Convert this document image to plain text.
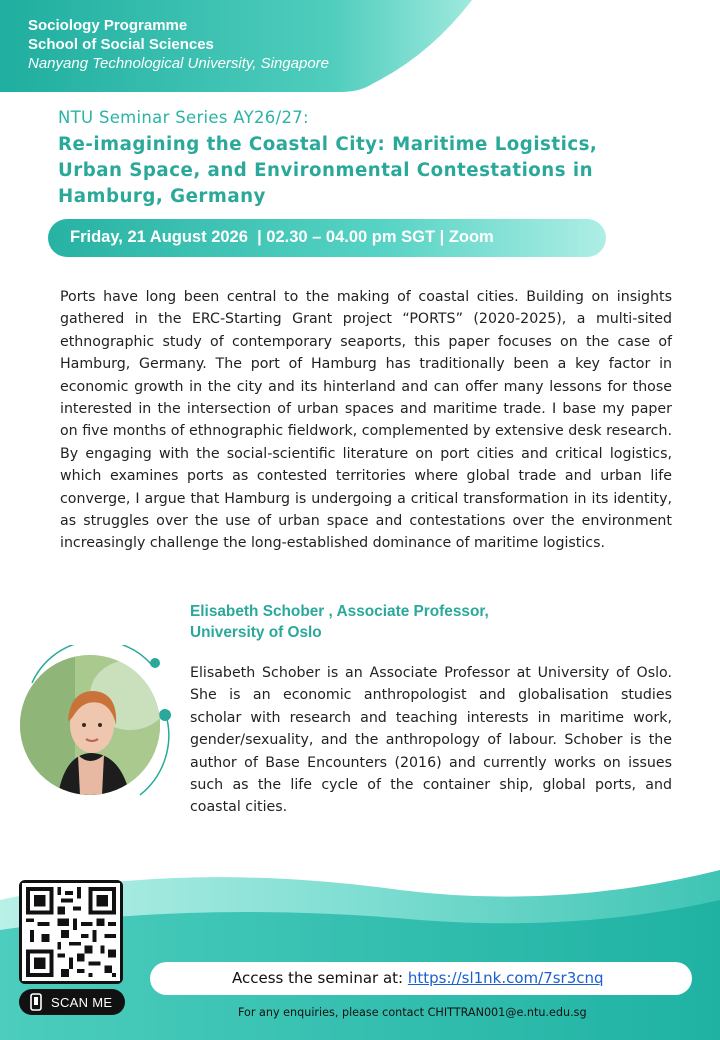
Sociology Programme
School of Social Sciences
Nanyang Technological University, Singapore
NTU Seminar Series AY26/27:
Re-imagining the Coastal City: Maritime Logistics,
Urban Space, and Environmental Contestations in
Hamburg, Germany
Friday, 21 August 2026  | 02.30 – 04.00 pm SGT | Zoom
Ports have long been central to the making of coastal cities. Building on insights gathered in the ERC-Starting Grant project “PORTS” (2020-2025), a multi-sited ethnographic study of contemporary seaports, this paper focuses on the case of Hamburg, Germany. The port of Hamburg has traditionally been a key factor in economic growth in the city and its hinterland and can offer many lessons for those interested in the intersection of urban spaces and maritime trade. I base my paper on five months of ethnographic fieldwork, complemented by extensive desk research. By engaging with the social-scientific literature on port cities and critical logistics, which examines ports as contested territories where global trade and urban life converge, I argue that Hamburg is undergoing a critical transformation in its identity, as struggles over the use of urban space and contestations over the environment increasingly challenge the long-established dominance of maritime logistics.
Elisabeth Schober , Associate Professor,
University of Oslo
Elisabeth Schober is an Associate Professor at University of Oslo. She is an economic anthropologist and globalisation studies scholar with research and teaching interests in maritime work, gender/sexuality, and the anthropology of labour. Schober is the author of Base Encounters (2016) and currently works on issues such as the life cycle of the container ship, global ports, and coastal cities.
SCAN ME
Access the seminar at: https://sl1nk.com/7sr3cnq
For any enquiries, please contact CHITTRAN001@e.ntu.edu.sg
